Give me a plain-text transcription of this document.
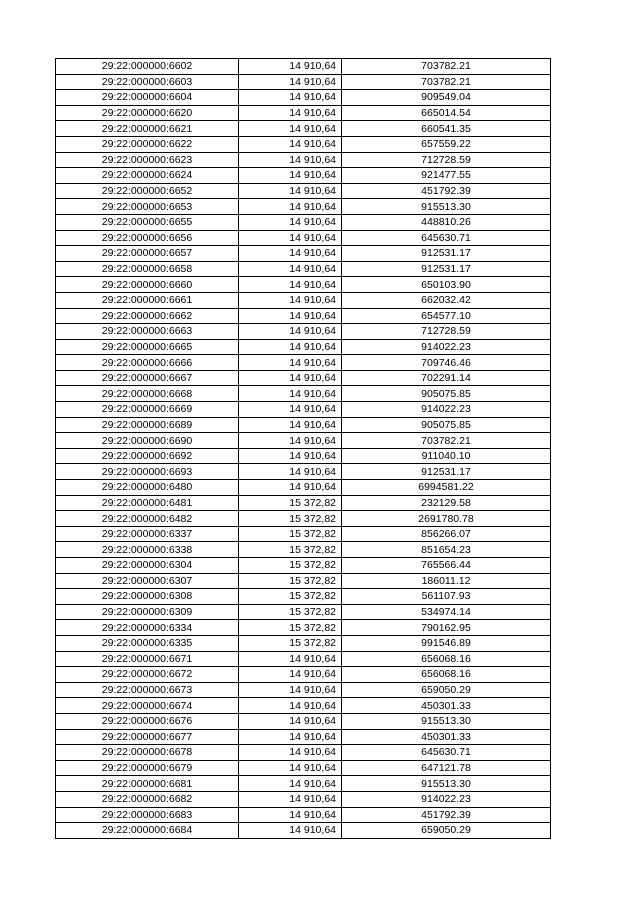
29:22:000000:6602	14 910,64	703782.21
29:22:000000:6603	14 910,64	703782.21
29:22:000000:6604	14 910,64	909549.04
29:22:000000:6620	14 910,64	665014.54
29:22:000000:6621	14 910,64	660541.35
29:22:000000:6622	14 910,64	657559.22
29:22:000000:6623	14 910,64	712728.59
29:22:000000:6624	14 910,64	921477.55
29:22:000000:6652	14 910,64	451792.39
29:22:000000:6653	14 910,64	915513.30
29:22:000000:6655	14 910,64	448810.26
29:22:000000:6656	14 910,64	645630.71
29:22:000000:6657	14 910,64	912531.17
29:22:000000:6658	14 910,64	912531.17
29:22:000000:6660	14 910,64	650103.90
29:22:000000:6661	14 910,64	662032.42
29:22:000000:6662	14 910,64	654577.10
29:22:000000:6663	14 910,64	712728.59
29:22:000000:6665	14 910,64	914022.23
29:22:000000:6666	14 910,64	709746.46
29:22:000000:6667	14 910,64	702291.14
29:22:000000:6668	14 910,64	905075.85
29:22:000000:6669	14 910,64	914022.23
29:22:000000:6689	14 910,64	905075.85
29:22:000000:6690	14 910,64	703782.21
29:22:000000:6692	14 910,64	911040.10
29:22:000000:6693	14 910,64	912531.17
29:22:000000:6480	14 910,64	6994581.22
29:22:000000:6481	15 372,82	232129.58
29:22:000000:6482	15 372,82	2691780.78
29:22:000000:6337	15 372,82	856266.07
29:22:000000:6338	15 372,82	851654.23
29:22:000000:6304	15 372,82	765566.44
29:22:000000:6307	15 372,82	186011.12
29:22:000000:6308	15 372,82	561107.93
29:22:000000:6309	15 372,82	534974.14
29:22:000000:6334	15 372,82	790162.95
29:22:000000:6335	15 372,82	991546.89
29:22:000000:6671	14 910,64	656068.16
29:22:000000:6672	14 910,64	656068.16
29:22:000000:6673	14 910,64	659050.29
29:22:000000:6674	14 910,64	450301.33
29:22:000000:6676	14 910,64	915513.30
29:22:000000:6677	14 910,64	450301.33
29:22:000000:6678	14 910,64	645630.71
29:22:000000:6679	14 910,64	647121.78
29:22:000000:6681	14 910,64	915513.30
29:22:000000:6682	14 910,64	914022.23
29:22:000000:6683	14 910,64	451792.39
29:22:000000:6684	14 910,64	659050.29
